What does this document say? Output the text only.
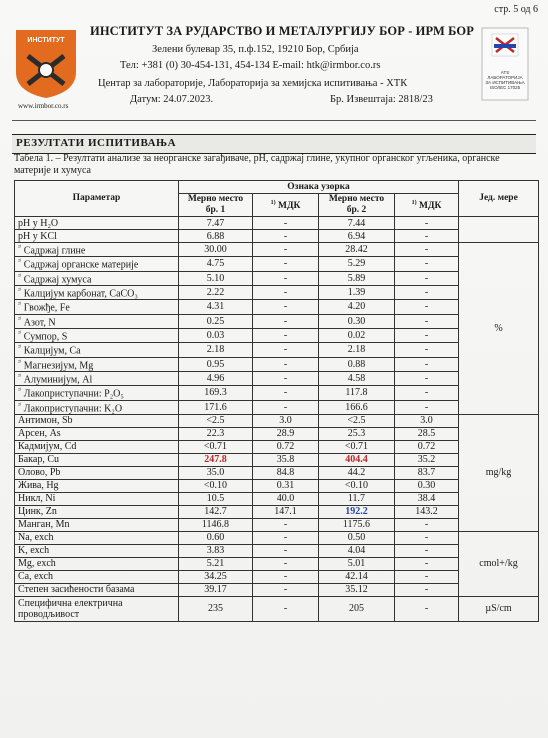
стр. 5 од 6
ИНСТИТУТ
www.irmbor.co.rs
ИНСТИТУТ ЗА РУДАРСТВО И МЕТАЛУРГИЈУ БОР - ИРМ БОР
Зелени булевар 35, п.ф.152, 19210 Бор, Србија
Тел: +381 (0) 30-454-131, 454-134 E-mail: htk@irmbor.co.rs
Центар за лабораторије, Лабораторија за хемијска испитивања - ХТК
Датум: 24.07.2023.	Бр. Извештаја: 2818/23
ATS
ЛАБОРАТОРИЈА
ЗА ИСПИТИВАЊА
ISO/IEC 17025
РЕЗУЛТАТИ ИСПИТИВАЊА
Табела 1. – Резултати анализе за неорганске загађиваче, pH, садржај глине, укупног органског угљеника, органске материје и хумуса
Параметар	Ознака узорка				Јед. мере	
	Мерно место бр. 1	$^{1)}$ МДК	Мерно место бр. 2	$^{1)}$ МДК		
pH у H₂O	7.47	-	7.44	-		
pH у KCl	6.88	-	6.94	-		
$^{^{2)}}$ Садржај глине	30.00	-	28.42	-	%	
$^{^{2)}}$ Садржај органске материје	4.75	-	5.29	-		
$^{^{2)}}$ Садржај хумуса	5.10	-	5.89	-		
$^{^{2)}}$ Калцијум карбонат, CaCO₃	2.22	-	1.39	-		
$^{^{2)}}$ Гвожђе, Fe	4.31	-	4.20	-		
$^{^{2)}}$ Азот, N	0.25	-	0.30	-		
$^{^{2)}}$ Сумпор, S	0.03	-	0.02	-		
$^{^{2)}}$ Калцијум, Ca	2.18	-	2.18	-		
$^{^{2)}}$ Магнезијум, Mg	0.95	-	0.88	-		
$^{^{2)}}$ Алуминијум, Al	4.96	-	4.58	-		
$^{^{2)}}$ Лакоприступачни: P₂O₅	169.3	-	117.8	-	
$^{^{2)}}$ Лакоприступачни: K₂O	171.6	-	166.6	-		
Антимон, Sb	<2.5	3.0	<2.5	3.0	mg/kg	
Арсен, As	22.3	28.9	25.3	28.5		
Кадмијум, Cd	<0.71	0.72	<0.71	0.72		
Бакар, Cu	247.8	35.8	404.4	35.2		
Олово, Pb	35.0	84.8	44.2	83.7		
Жива, Hg	<0.10	0.31	<0.10	0.30		
Никл, Ni	10.5	40.0	11.7	38.4		
Цинк, Zn	142.7	147.1	192.2	143.2		
Манган, Mn	1146.8	-	1175.6	-		
Na, exch	0.60	-	0.50	-	cmol+/kg	
K, exch	3.83	-	4.04	-		
Mg, exch	5.21	-	5.01	-		
Ca, exch	34.25	-	42.14	-		
Степен засићености базама	39.17	-	35.12	-		
Специфична електрична проводљивост	235	-	205	-	µS/cm	
